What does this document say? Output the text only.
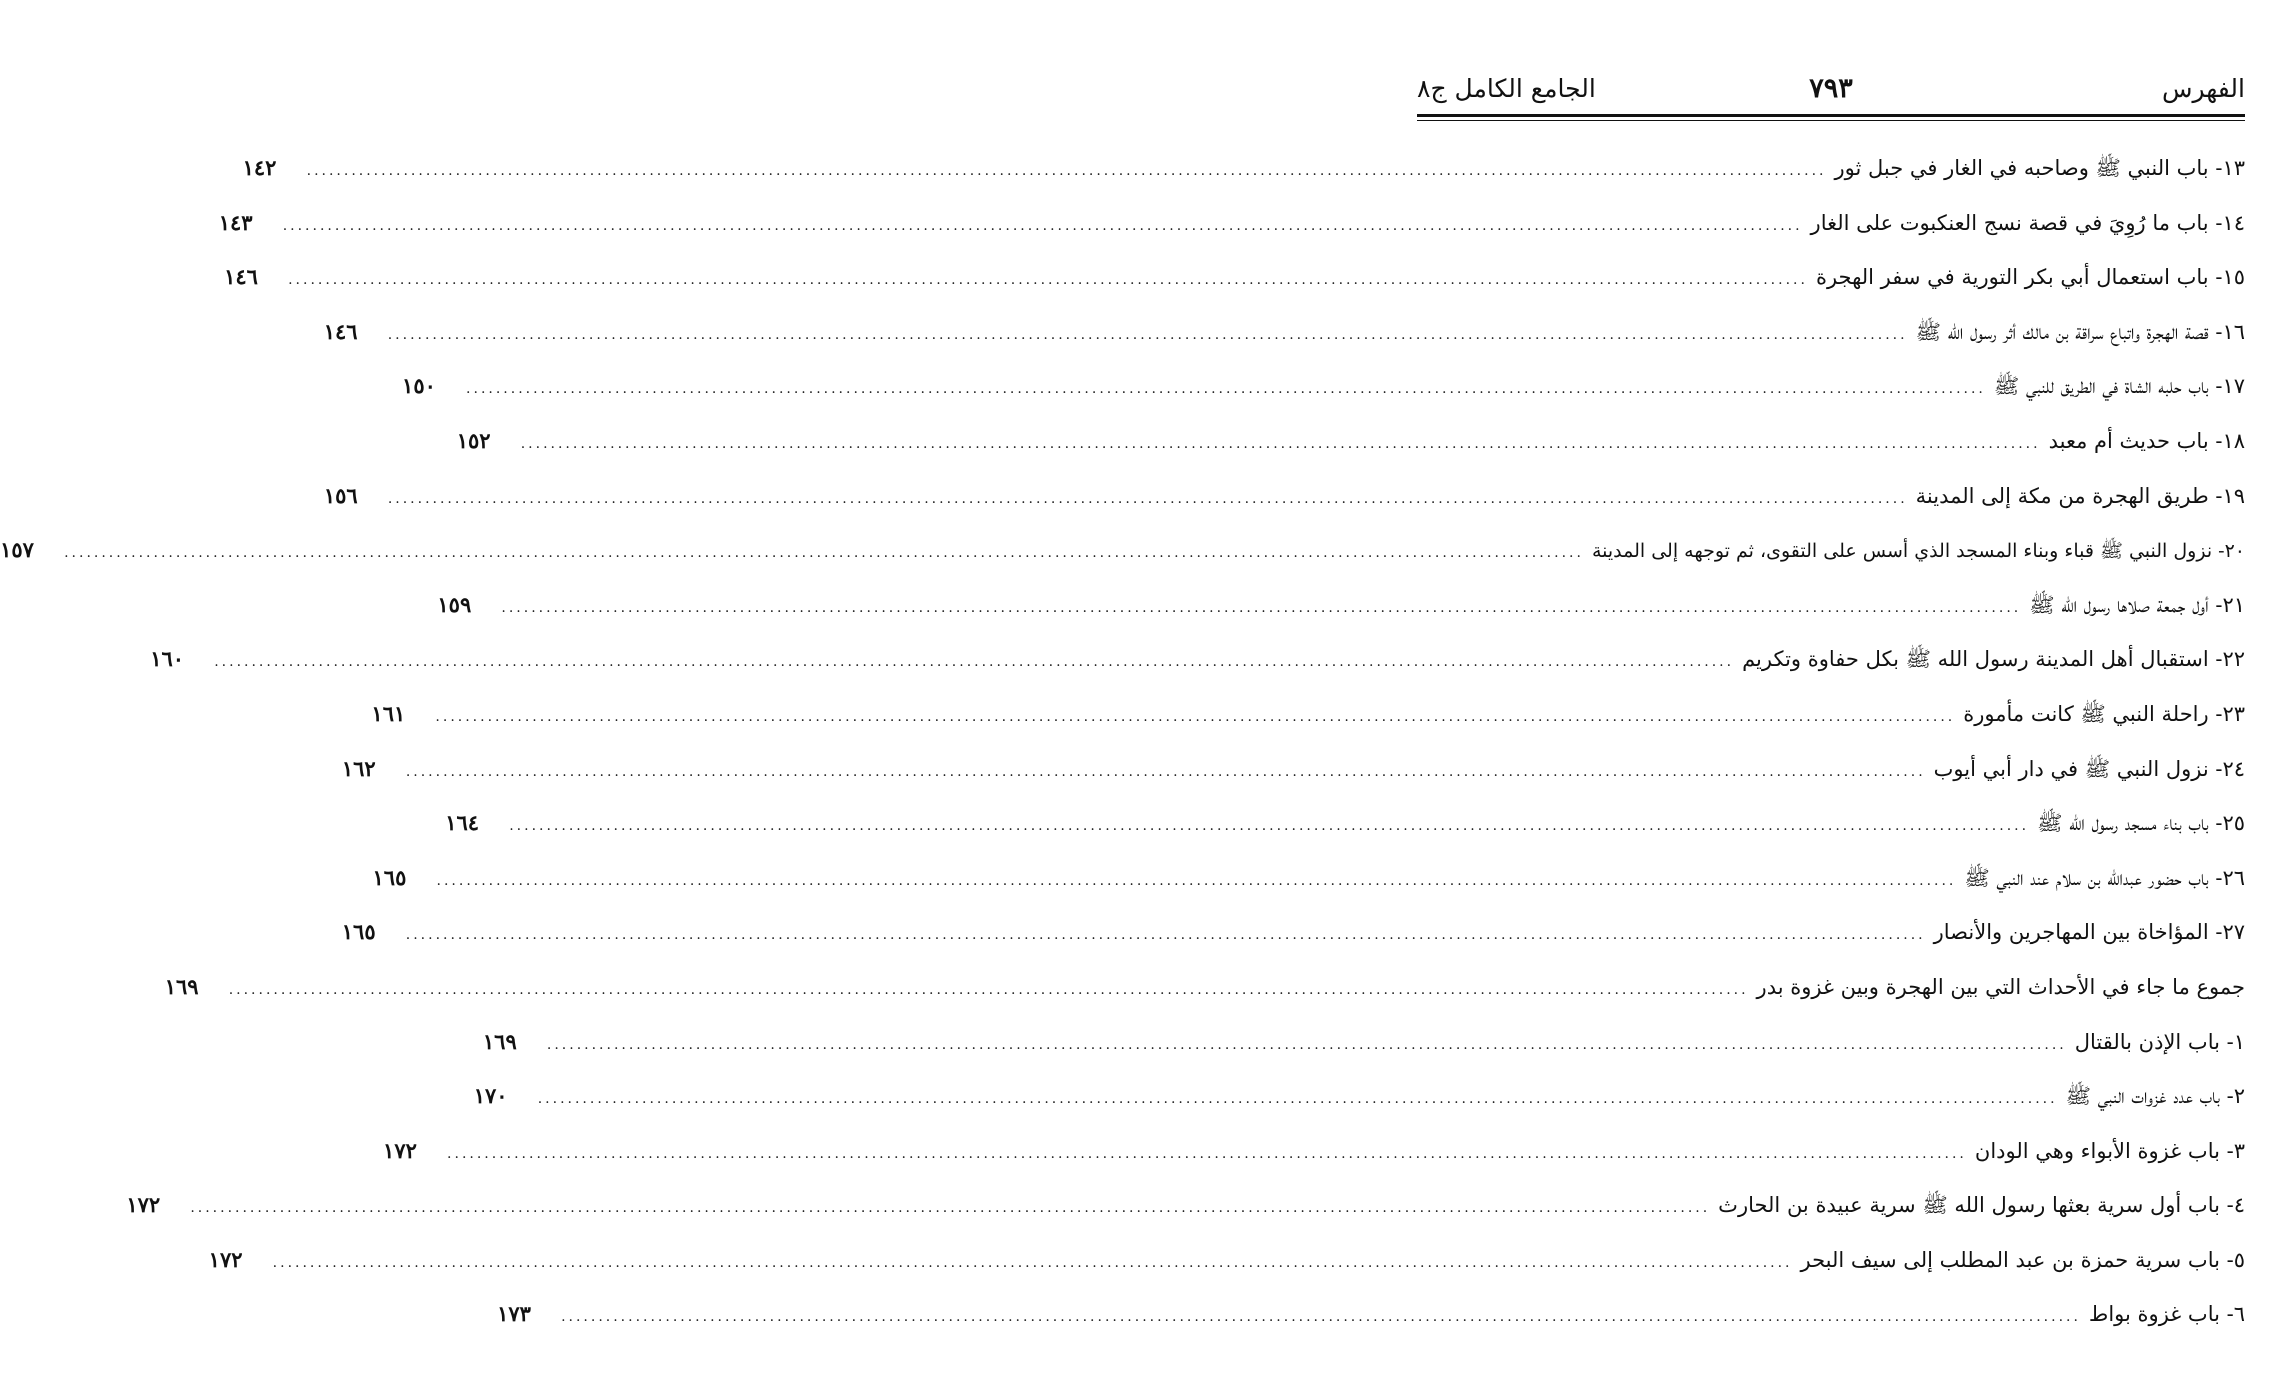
الفهرس
٧٩٣
الجامع الكامل ج٨
١٣- باب النبي ﷺ وصاحبه في الغار في جبل ثور
.....
١٤٢
١٤- باب ما رُوِيَ في قصة نسج العنكبوت على الغار
.....
١٤٣
١٥- باب استعمال أبي بكر التورية في سفر الهجرة
.....
١٤٦
١٦- قصة الهجرة واتباع سراقة بن مالك أثر رسول الله ﷺ
.....
١٤٦
١٧- باب حلبه الشاة في الطريق للنبي ﷺ
.....
١٥٠
١٨- باب حديث أم معبد
.....
١٥٢
١٩- طريق الهجرة من مكة إلى المدينة
.....
١٥٦
٢٠- نزول النبي ﷺ قباء وبناء المسجد الذي أسس على التقوى، ثم توجهه إلى المدينة
.....
١٥٧
٢١- أول جمعة صلاها رسول الله ﷺ
.....
١٥٩
٢٢- استقبال أهل المدينة رسول الله ﷺ بكل حفاوة وتكريم
.....
١٦٠
٢٣- راحلة النبي ﷺ كانت مأمورة
.....
١٦١
٢٤- نزول النبي ﷺ في دار أبي أيوب
.....
١٦٢
٢٥- باب بناء مسجد رسول الله ﷺ
.....
١٦٤
٢٦- باب حضور عبدالله بن سلام عند النبي ﷺ
.....
١٦٥
٢٧- المؤاخاة بين المهاجرين والأنصار
.....
١٦٥
جموع ما جاء في الأحداث التي بين الهجرة وبين غزوة بدر
.....
١٦٩
١- باب الإذن بالقتال
.....
١٦٩
٢- باب عدد غزوات النبي ﷺ
.....
١٧٠
٣- باب غزوة الأبواء وهي الودان
.....
١٧٢
٤- باب أول سرية بعثها رسول الله ﷺ سرية عبيدة بن الحارث
.....
١٧٢
٥- باب سرية حمزة بن عبد المطلب إلى سيف البحر
.....
١٧٢
٦- باب غزوة بواط
.....
١٧٣
